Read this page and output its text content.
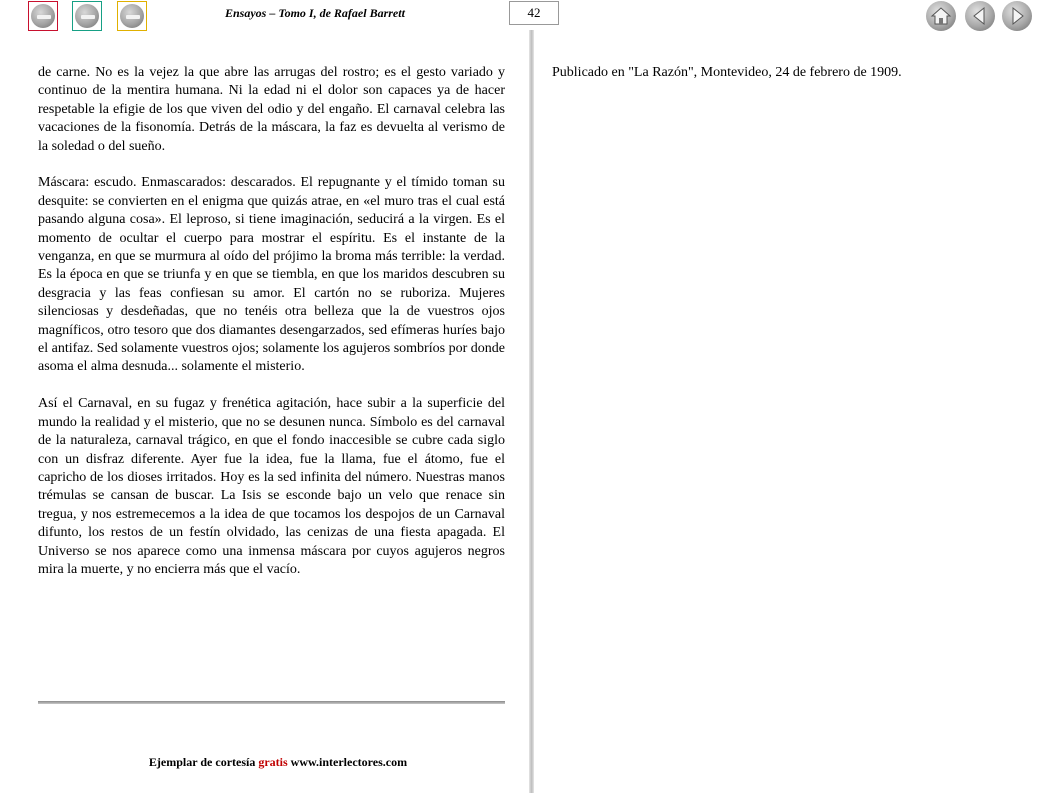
Ensayos – Tomo I, de Rafael Barrett	42

de carne. No es la vejez la que abre las arrugas del rostro; es el gesto variado y continuo de la mentira humana. Ni la edad ni el dolor son capaces ya de hacer respetable la efigie de los que viven del odio y del engaño. El carnaval celebra las vacaciones de la fisonomía. Detrás de la máscara, la faz es devuelta al verismo de la soledad o del sueño.

Máscara: escudo. Enmascarados: descarados. El repugnante y el tímido toman su desquite: se convierten en el enigma que quizás atrae, en «el muro tras el cual está pasando alguna cosa». El leproso, si tiene imaginación, seducirá a la virgen. Es el momento de ocultar el cuerpo para mostrar el espíritu. Es el instante de la venganza, en que se murmura al oído del prójimo la broma más terrible: la verdad. Es la época en que se triunfa y en que se tiembla, en que los maridos descubren su desgracia y las feas confiesan su amor. El cartón no se ruboriza. Mujeres silenciosas y desdeñadas, que no tenéis otra belleza que la de vuestros ojos magníficos, otro tesoro que dos diamantes desengarzados, sed efímeras huríes bajo el antifaz. Sed solamente vuestros ojos; solamente los agujeros sombríos por donde asoma el alma desnuda... solamente el misterio.

Así el Carnaval, en su fugaz y frenética agitación, hace subir a la superficie del mundo la realidad y el misterio, que no se desunen nunca. Símbolo es del carnaval de la naturaleza, carnaval trágico, en que el fondo inaccesible se cubre cada siglo con un disfraz diferente. Ayer fue la idea, fue la llama, fue el átomo, fue el capricho de los dioses irritados. Hoy es la sed infinita del número. Nuestras manos trémulas se cansan de buscar. La Isis se esconde bajo un velo que renace sin tregua, y nos estremecemos a la idea de que tocamos los despojos de un Carnaval difunto, los restos de un festín olvidado, las cenizas de una fiesta apagada. El Universo se nos aparece como una inmensa máscara por cuyos agujeros negros mira la muerte, y no encierra más que el vacío.

Publicado en "La Razón", Montevideo, 24 de febrero de 1909.
Ejemplar de cortesía gratis www.interlectores.com
